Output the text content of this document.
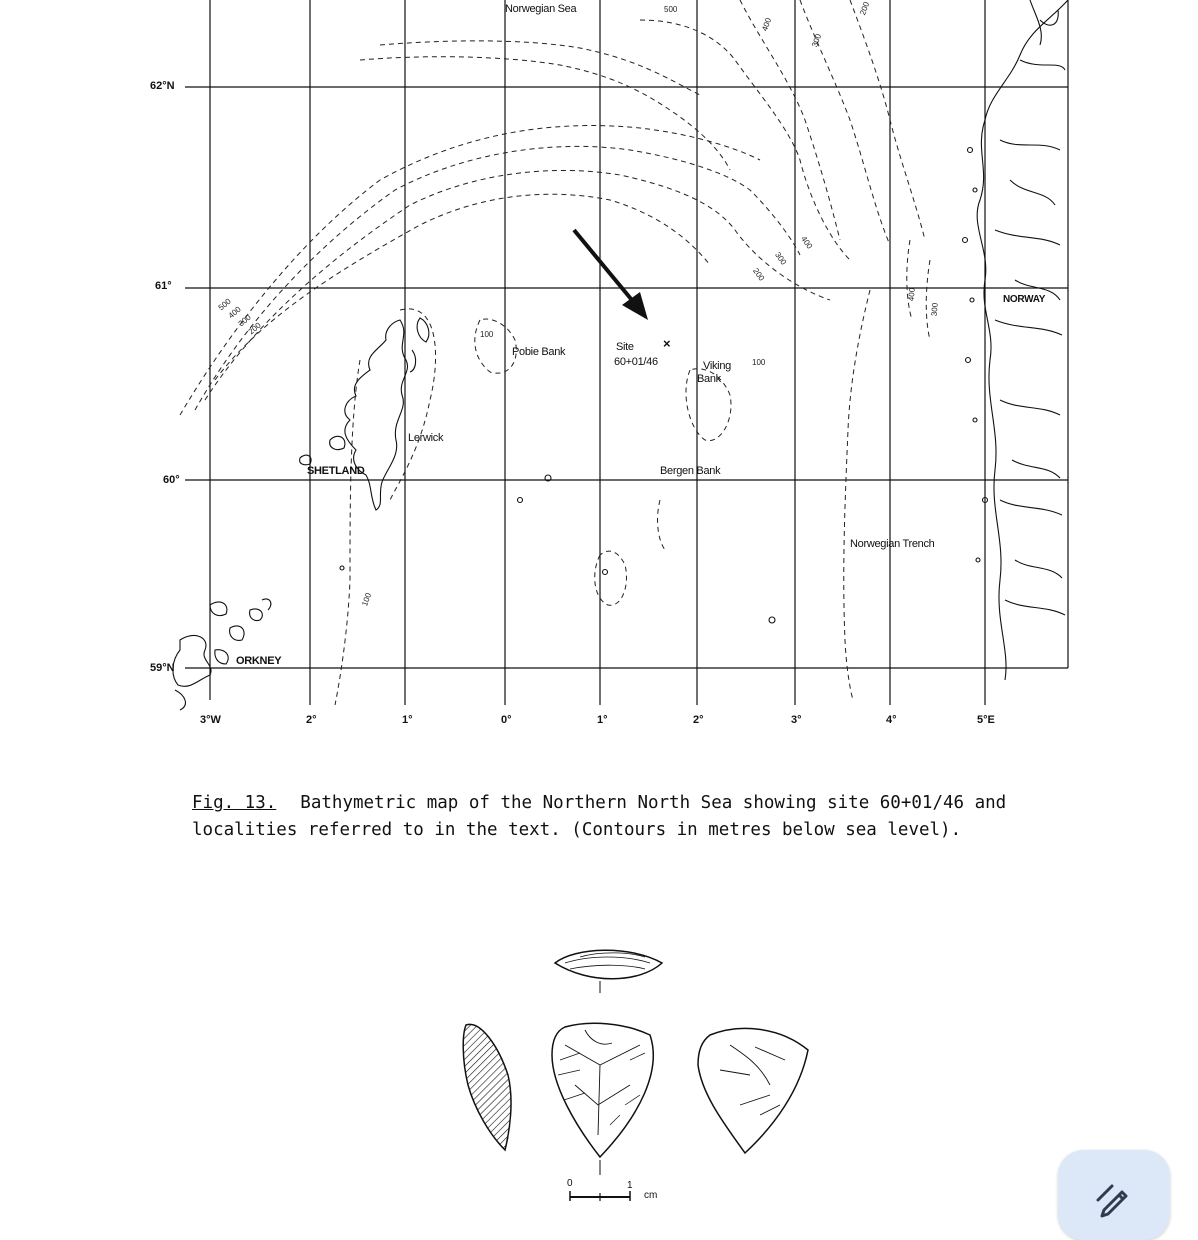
62°N
61°
60°
59°N
3°W	2°	1°	0°	1°	2°	3°	4°	5°E
Norwegian Sea
Pobie Bank	Site
60+01/46
×
Viking
Bank
Lerwick
SHETLAND	Bergen Bank
Norwegian Trench
NORWAY
ORKNEY
500
400
300
200
100
100
400
300
200
400
300
100
500
400
300
200
Fig. 13. Bathymetric map of the Northern North Sea showing site 60+01/46 and localities referred to in the text. (Contours in metres below sea level).
0	1
cm
